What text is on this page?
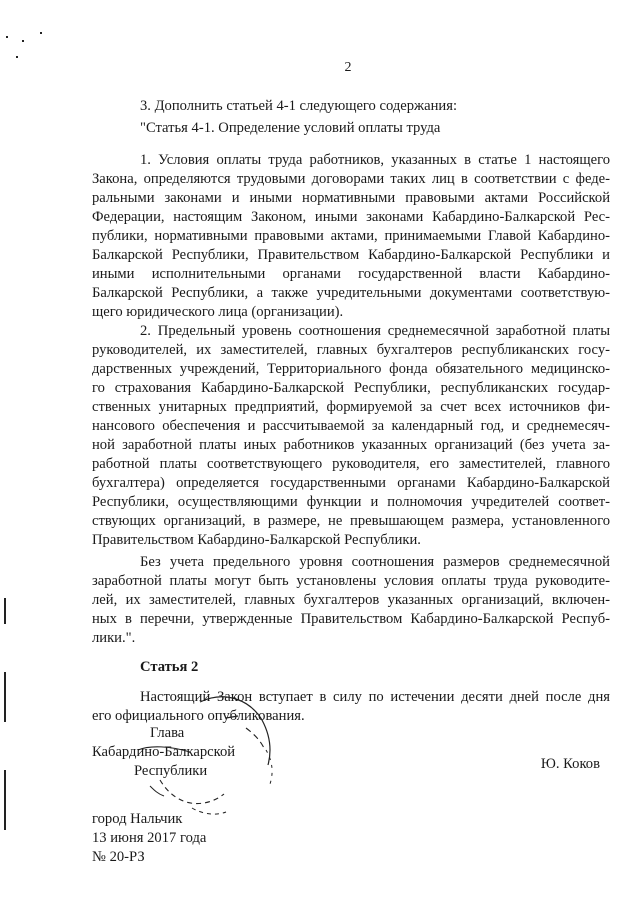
2
3. Дополнить статьей 4-1 следующего содержания:
"Статья 4-1. Определение условий оплаты труда
1. Условия оплаты труда работников, указанных в статье 1 настоящего
Закона, определяются трудовыми договорами таких лиц в соответствии с феде-
ральными законами и иными нормативными правовыми актами Российской
Федерации, настоящим Законом, иными законами Кабардино-Балкарской Рес-
публики, нормативными правовыми актами, принимаемыми Главой Кабардино-
Балкарской Республики, Правительством Кабардино-Балкарской Республики и
иными исполнительными органами государственной власти Кабардино-
Балкарской Республики, а также учредительными документами соответствую-
щего юридического лица (организации).
2. Предельный уровень соотношения среднемесячной заработной платы
руководителей, их заместителей, главных бухгалтеров республиканских госу-
дарственных учреждений, Территориального фонда обязательного медицинско-
го страхования Кабардино-Балкарской Республики, республиканских государ-
ственных унитарных предприятий, формируемой за счет всех источников фи-
нансового обеспечения и рассчитываемой за календарный год, и среднемесяч-
ной заработной платы иных работников указанных организаций (без учета за-
работной платы соответствующего руководителя, его заместителей, главного
бухгалтера) определяется государственными органами Кабардино-Балкарской
Республики, осуществляющими функции и полномочия учредителей соответ-
ствующих организаций, в размере, не превышающем размера, установленного
Правительством Кабардино-Балкарской Республики.
Без учета предельного уровня соотношения размеров среднемесячной
заработной платы могут быть установлены условия оплаты труда руководите-
лей, их заместителей, главных бухгалтеров указанных организаций, включен-
ных в перечни, утвержденные Правительством Кабардино-Балкарской Респуб-
лики.".
Статья 2
Настоящий Закон вступает в силу по истечении десяти дней после дня
его официального опубликования.
Глава
Кабардино-Балкарской
Республики	Ю. Коков
город Нальчик
13 июня 2017 года
№ 20-РЗ
